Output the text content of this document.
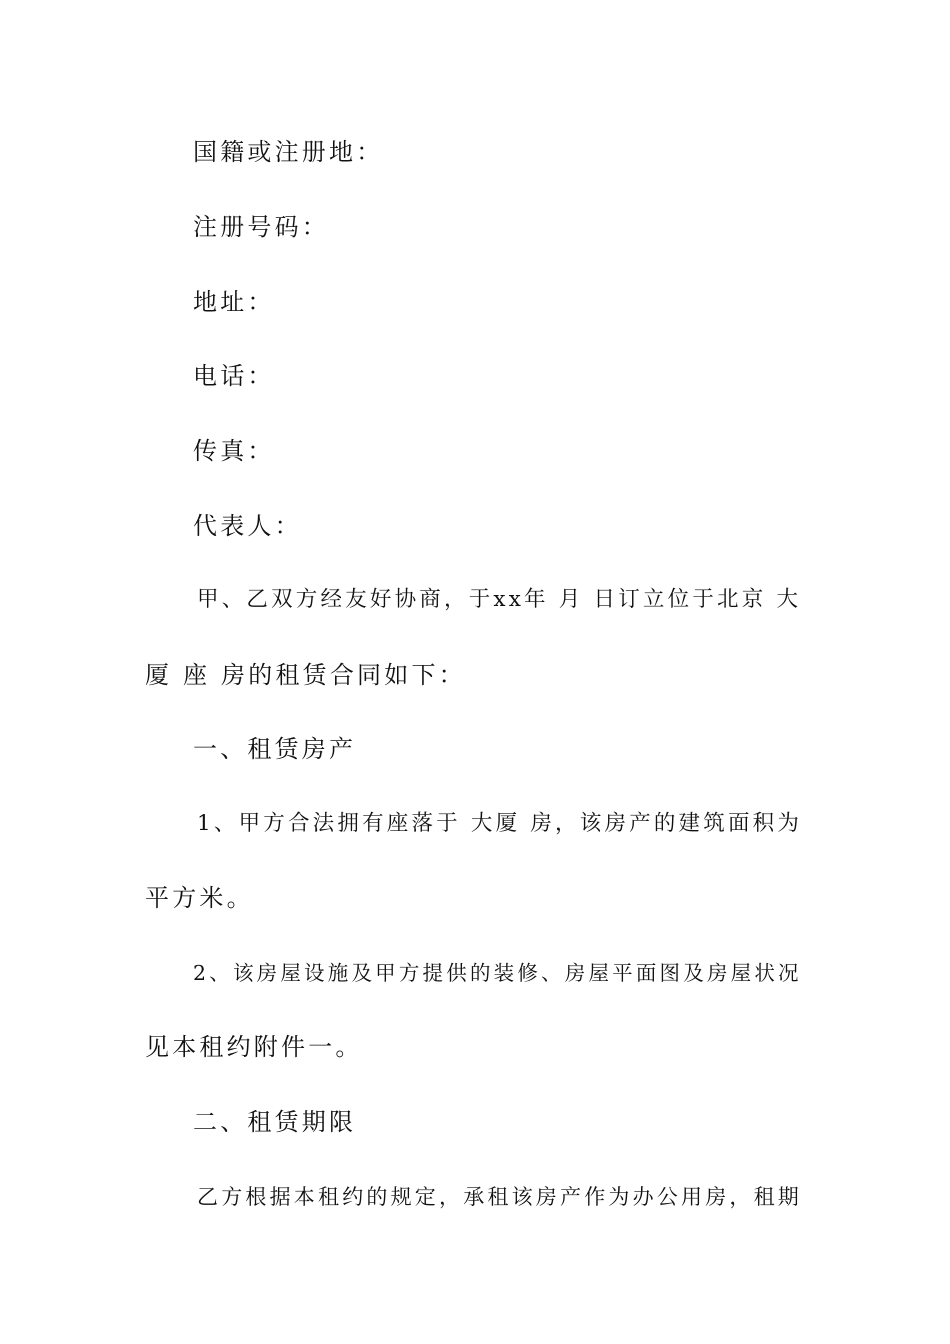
国籍或注册地：
注册号码：
地址：
电话：
传真：
代表人：
甲、乙双方经友好协商，于xx年 月 日订立位于北京 大
厦 座 房的租赁合同如下：
一、租赁房产
1、甲方合法拥有座落于 大厦 房，该房产的建筑面积为
平方米。
2、该房屋设施及甲方提供的装修、房屋平面图及房屋状况
见本租约附件一。
二、租赁期限
乙方根据本租约的规定，承租该房产作为办公用房，租期
